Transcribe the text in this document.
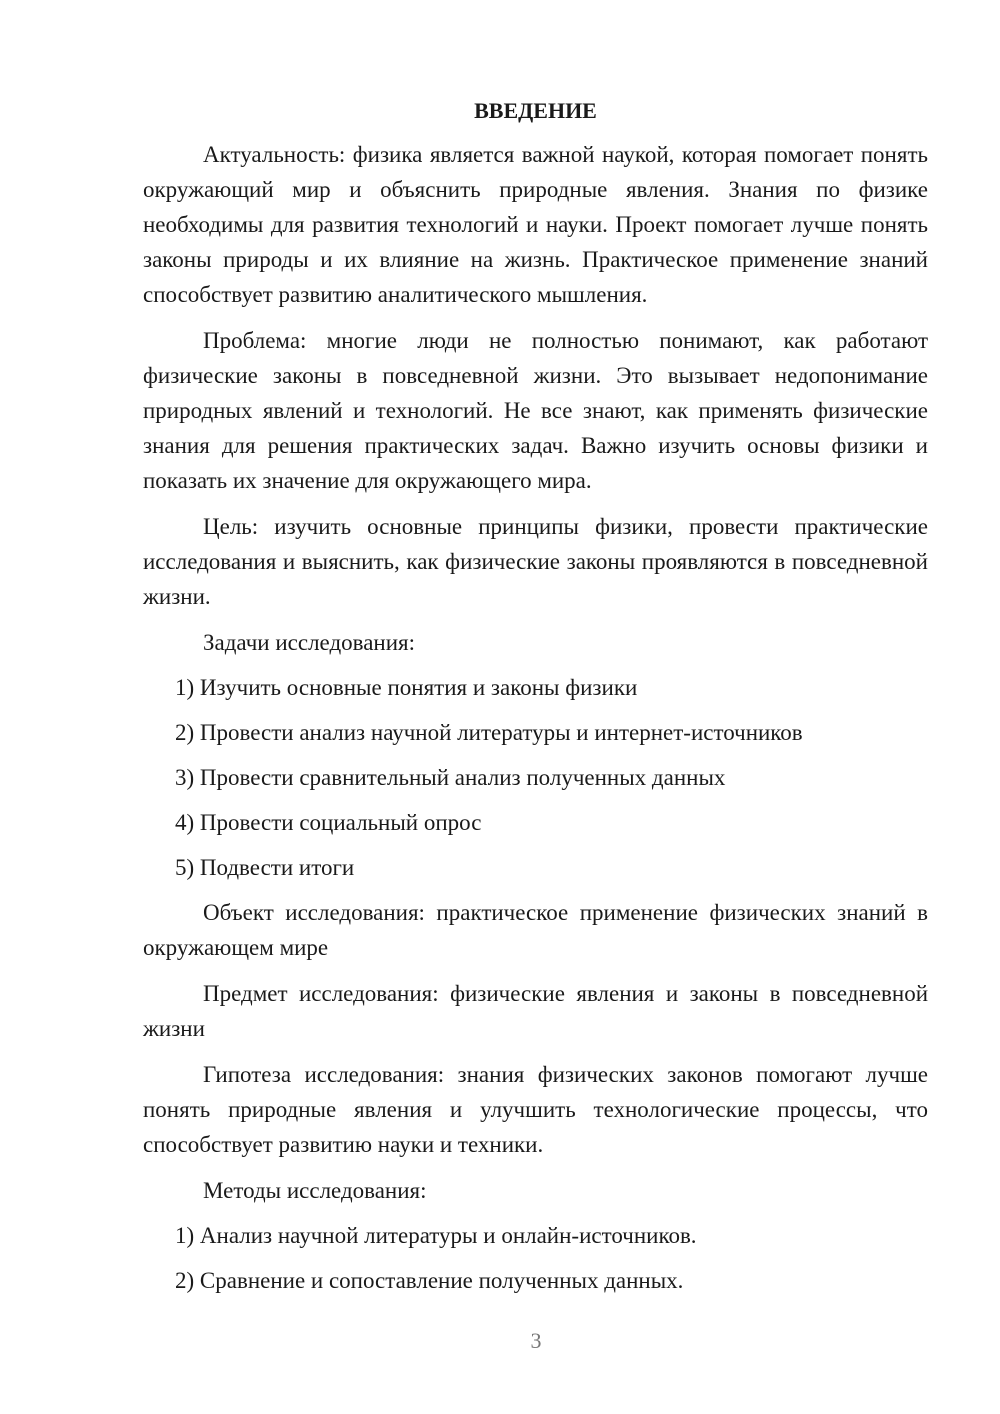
ВВЕДЕНИЕ

Актуальность: физика является важной наукой, которая помогает понять окружающий мир и объяснить природные явления. Знания по физике необходимы для развития технологий и науки. Проект помогает лучше понять законы природы и их влияние на жизнь. Практическое применение знаний способствует развитию аналитического мышления.

Проблема: многие люди не полностью понимают, как работают физические законы в повседневной жизни. Это вызывает недопонимание природных явлений и технологий. Не все знают, как применять физические знания для решения практических задач. Важно изучить основы физики и показать их значение для окружающего мира.

Цель: изучить основные принципы физики, провести практические исследования и выяснить, как физические законы проявляются в повседневной жизни.

Задачи исследования:

1) Изучить основные понятия и законы физики

2) Провести анализ научной литературы и интернет-источников

3) Провести сравнительный анализ полученных данных

4) Провести социальный опрос

5) Подвести итоги

Объект исследования: практическое применение физических знаний в окружающем мире

Предмет исследования: физические явления и законы в повседневной жизни

Гипотеза исследования: знания физических законов помогают лучше понять природные явления и улучшить технологические процессы, что способствует развитию науки и техники.

Методы исследования:

1) Анализ научной литературы и онлайн-источников.

2) Сравнение и сопоставление полученных данных.

3
